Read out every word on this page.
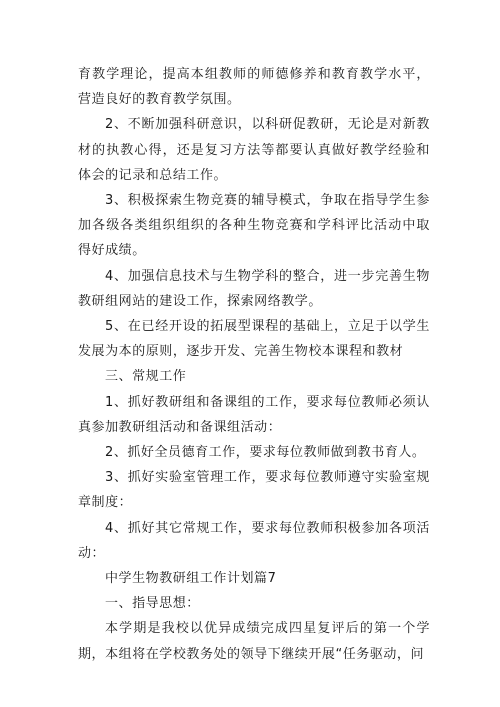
育教学理论，提高本组教师的师德修养和教育教学水平，营造良好的教育教学氛围。

2、不断加强科研意识，以科研促教研，无论是对新教材的执教心得，还是复习方法等都要认真做好教学经验和体会的记录和总结工作。

3、积极探索生物竞赛的辅导模式，争取在指导学生参加各级各类组织组织的各种生物竞赛和学科评比活动中取得好成绩。

4、加强信息技术与生物学科的整合，进一步完善生物教研组网站的建设工作，探索网络教学。

5、在已经开设的拓展型课程的基础上，立足于以学生发展为本的原则，逐步开发、完善生物校本课程和教材

三、常规工作

1、抓好教研组和备课组的工作，要求每位教师必须认真参加教研组活动和备课组活动：

2、抓好全员德育工作，要求每位教师做到教书育人。

3、抓好实验室管理工作，要求每位教师遵守实验室规章制度：

4、抓好其它常规工作，要求每位教师积极参加各项活动：

中学生物教研组工作计划篇7

一、指导思想：

本学期是我校以优异成绩完成四星复评后的第一个学期，本组将在学校教务处的领导下继续开展“任务驱动，问
